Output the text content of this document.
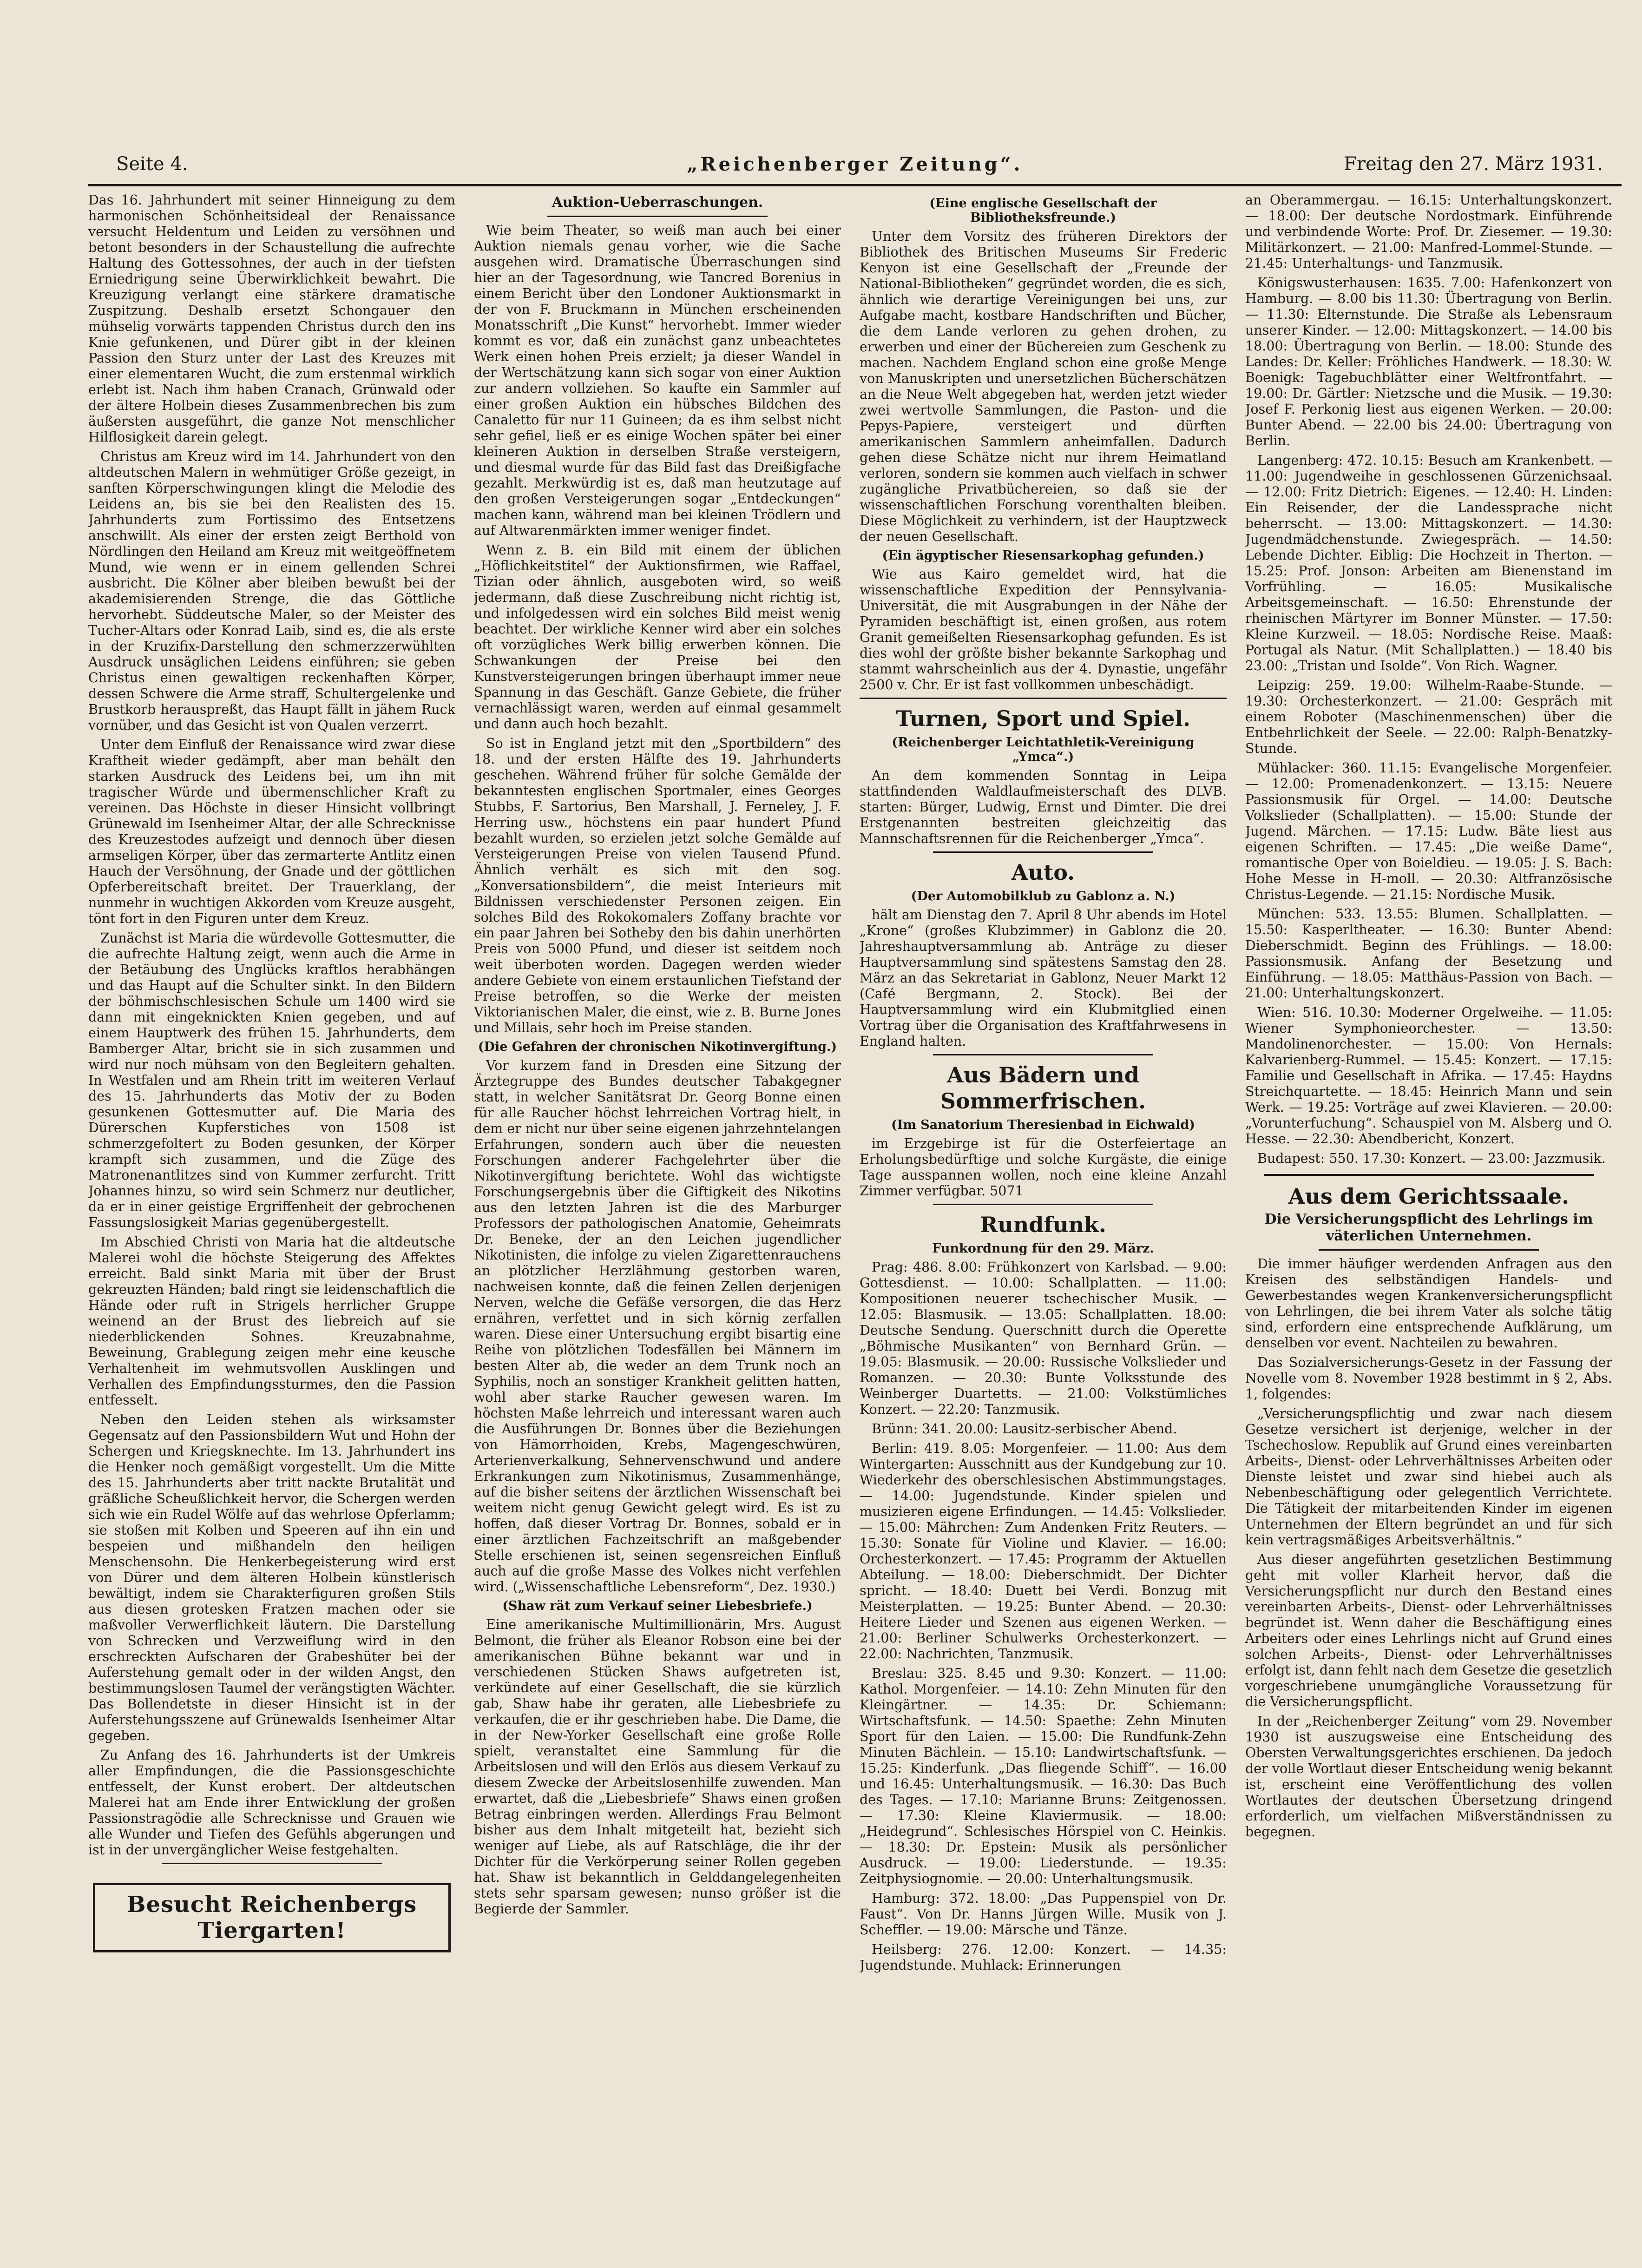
Seite 4.	„Reichenberger Zeitung“.	Freitag den 27. März 1931.

Das 16. Jahrhundert mit seiner Hinneigung zu dem harmonischen Schönheitsideal der Renaissance versucht Heldentum und Leiden zu versöhnen und betont besonders in der Schaustellung die aufrechte Haltung des Gottessohnes, der auch in der tiefsten Erniedrigung seine Überwirklichkeit bewahrt. Die Kreuzigung verlangt eine stärkere dramatische Zuspitzung. Deshalb ersetzt Schongauer den mühselig vorwärts tappenden Christus durch den ins Knie gefunkenen, und Dürer gibt in der kleinen Passion den Sturz unter der Last des Kreuzes mit einer elementaren Wucht, die zum erstenmal wirklich erlebt ist. Nach ihm haben Cranach, Grünwald oder der ältere Holbein dieses Zusammenbrechen bis zum äußersten ausgeführt, die ganze Not menschlicher Hilflosigkeit darein gelegt.

Christus am Kreuz wird im 14. Jahrhundert von den altdeutschen Malern in wehmütiger Größe gezeigt, in sanften Körperschwingungen klingt die Melodie des Leidens an, bis sie bei den Realisten des 15. Jahrhunderts zum Fortissimo des Entsetzens anschwillt. Als einer der ersten zeigt Berthold von Nördlingen den Heiland am Kreuz mit weitgeöffnetem Mund, wie wenn er in einem gellenden Schrei ausbricht. Die Kölner aber bleiben bewußt bei der akademisierenden Strenge, die das Göttliche hervorhebt. Süddeutsche Maler, so der Meister des Tucher-Altars oder Konrad Laib, sind es, die als erste in der Kruzifix-Darstellung den schmerzzerwühlten Ausdruck unsäglichen Leidens einführen; sie geben Christus einen gewaltigen reckenhaften Körper, dessen Schwere die Arme straff, Schultergelenke und Brustkorb herauspreßt, das Haupt fällt in jähem Ruck vornüber, und das Gesicht ist von Qualen verzerrt.

Unter dem Einfluß der Renaissance wird zwar diese Kraftheit wieder gedämpft, aber man behält den starken Ausdruck des Leidens bei, um ihn mit tragischer Würde und übermenschlicher Kraft zu vereinen. Das Höchste in dieser Hinsicht vollbringt Grünewald im Isenheimer Altar, der alle Schrecknisse des Kreuzestodes aufzeigt und dennoch über diesen armseligen Körper, über das zermarterte Antlitz einen Hauch der Versöhnung, der Gnade und der göttlichen Opferbereitschaft breitet. Der Trauerklang, der nunmehr in wuchtigen Akkorden vom Kreuze ausgeht, tönt fort in den Figuren unter dem Kreuz.

Zunächst ist Maria die würdevolle Gottesmutter, die die aufrechte Haltung zeigt, wenn auch die Arme in der Betäubung des Unglücks kraftlos herabhängen und das Haupt auf die Schulter sinkt. In den Bildern der böhmischschlesischen Schule um 1400 wird sie dann mit eingeknickten Knien gegeben, und auf einem Hauptwerk des frühen 15. Jahrhunderts, dem Bamberger Altar, bricht sie in sich zusammen und wird nur noch mühsam von den Begleitern gehalten. In Westfalen und am Rhein tritt im weiteren Verlauf des 15. Jahrhunderts das Motiv der zu Boden gesunkenen Gottesmutter auf. Die Maria des Dürerschen Kupferstiches von 1508 ist schmerzgefoltert zu Boden gesunken, der Körper krampft sich zusammen, und die Züge des Matronenantlitzes sind von Kummer zerfurcht. Tritt Johannes hinzu, so wird sein Schmerz nur deutlicher, da er in einer geistige Ergriffenheit der gebrochenen Fassungslosigkeit Marias gegenübergestellt.

Im Abschied Christi von Maria hat die altdeutsche Malerei wohl die höchste Steigerung des Affektes erreicht. Bald sinkt Maria mit über der Brust gekreuzten Händen; bald ringt sie leidenschaftlich die Hände oder ruft in Strigels herrlicher Gruppe weinend an der Brust des liebreich auf sie niederblickenden Sohnes. Kreuzabnahme, Beweinung, Grablegung zeigen mehr eine keusche Verhaltenheit im wehmutsvollen Ausklingen und Verhallen des Empfindungssturmes, den die Passion entfesselt.

Neben den Leiden stehen als wirksamster Gegensatz auf den Passionsbildern Wut und Hohn der Schergen und Kriegsknechte. Im 13. Jahrhundert ins die Henker noch gemäßigt vorgestellt. Um die Mitte des 15. Jahrhunderts aber tritt nackte Brutalität und gräßliche Scheußlichkeit hervor, die Schergen werden sich wie ein Rudel Wölfe auf das wehrlose Opferlamm; sie stoßen mit Kolben und Speeren auf ihn ein und bespeien und mißhandeln den heiligen Menschensohn. Die Henkerbegeisterung wird erst von Dürer und dem älteren Holbein künstlerisch bewältigt, indem sie Charakterfiguren großen Stils aus diesen grotesken Fratzen machen oder sie maßvoller Verwerflichkeit läutern. Die Darstellung von Schrecken und Verzweiflung wird in den erschreckten Aufscharen der Grabeshüter bei der Auferstehung gemalt oder in der wilden Angst, den bestimmungslosen Taumel der verängstigten Wächter. Das Bollendetste in dieser Hinsicht ist in der Auferstehungsszene auf Grünewalds Isenheimer Altar gegeben.

Zu Anfang des 16. Jahrhunderts ist der Umkreis aller Empfindungen, die die Passionsgeschichte entfesselt, der Kunst erobert. Der altdeutschen Malerei hat am Ende ihrer Entwicklung der großen Passionstragödie alle Schrecknisse und Grauen wie alle Wunder und Tiefen des Gefühls abgerungen und ist in der unvergänglicher Weise festgehalten.

Besucht Reichenbergs Tiergarten!
Auktion-Ueberraschungen.

Wie beim Theater, so weiß man auch bei einer Auktion niemals genau vorher, wie die Sache ausgehen wird. Dramatische Überraschungen sind hier an der Tagesordnung, wie Tancred Borenius in einem Bericht über den Londoner Auktionsmarkt in der von F. Bruckmann in München erscheinenden Monatsschrift „Die Kunst“ hervorhebt. Immer wieder kommt es vor, daß ein zunächst ganz unbeachtetes Werk einen hohen Preis erzielt; ja dieser Wandel in der Wertschätzung kann sich sogar von einer Auktion zur andern vollziehen. So kaufte ein Sammler auf einer großen Auktion ein hübsches Bildchen des Canaletto für nur 11 Guineen; da es ihm selbst nicht sehr gefiel, ließ er es einige Wochen später bei einer kleineren Auktion in derselben Straße versteigern, und diesmal wurde für das Bild fast das Dreißigfache gezahlt. Merkwürdig ist es, daß man heutzutage auf den großen Versteigerungen sogar „Entdeckungen“ machen kann, während man bei kleinen Trödlern und auf Altwarenmärkten immer weniger findet.

Wenn z. B. ein Bild mit einem der üblichen „Höflichkeitstitel“ der Auktionsfirmen, wie Raffael, Tizian oder ähnlich, ausgeboten wird, so weiß jedermann, daß diese Zuschreibung nicht richtig ist, und infolgedessen wird ein solches Bild meist wenig beachtet. Der wirkliche Kenner wird aber ein solches oft vorzügliches Werk billig erwerben können. Die Schwankungen der Preise bei den Kunstversteigerungen bringen überhaupt immer neue Spannung in das Geschäft. Ganze Gebiete, die früher vernachlässigt waren, werden auf einmal gesammelt und dann auch hoch bezahlt.

So ist in England jetzt mit den „Sportbildern“ des 18. und der ersten Hälfte des 19. Jahrhunderts geschehen. Während früher für solche Gemälde der bekanntesten englischen Sportmaler, eines Georges Stubbs, F. Sartorius, Ben Marshall, J. Ferneley, J. F. Herring usw., höchstens ein paar hundert Pfund bezahlt wurden, so erzielen jetzt solche Gemälde auf Versteigerungen Preise von vielen Tausend Pfund. Ähnlich verhält es sich mit den sog. „Konversationsbildern“, die meist Interieurs mit Bildnissen verschiedenster Personen zeigen. Ein solches Bild des Rokokomalers Zoffany brachte vor ein paar Jahren bei Sotheby den bis dahin unerhörten Preis von 5000 Pfund, und dieser ist seitdem noch weit überboten worden. Dagegen werden wieder andere Gebiete von einem erstaunlichen Tiefstand der Preise betroffen, so die Werke der meisten Viktorianischen Maler, die einst, wie z. B. Burne Jones und Millais, sehr hoch im Preise standen.

(Die Gefahren der chronischen Nikotinvergiftung.)

Vor kurzem fand in Dresden eine Sitzung der Ärztegruppe des Bundes deutscher Tabakgegner statt, in welcher Sanitätsrat Dr. Georg Bonne einen für alle Raucher höchst lehrreichen Vortrag hielt, in dem er nicht nur über seine eigenen jahrzehntelangen Erfahrungen, sondern auch über die neuesten Forschungen anderer Fachgelehrter über die Nikotinvergiftung berichtete. Wohl das wichtigste Forschungsergebnis über die Giftigkeit des Nikotins aus den letzten Jahren ist die des Marburger Professors der pathologischen Anatomie, Geheimrats Dr. Beneke, der an den Leichen jugendlicher Nikotinisten, die infolge zu vielen Zigarettenrauchens an plötzlicher Herzlähmung gestorben waren, nachweisen konnte, daß die feinen Zellen derjenigen Nerven, welche die Gefäße versorgen, die das Herz ernähren, verfettet und in sich körnig zerfallen waren. Diese einer Untersuchung ergibt bisartig eine Reihe von plötzlichen Todesfällen bei Männern im besten Alter ab, die weder an dem Trunk noch an Syphilis, noch an sonstiger Krankheit gelitten hatten, wohl aber starke Raucher gewesen waren. Im höchsten Maße lehrreich und interessant waren auch die Ausführungen Dr. Bonnes über die Beziehungen von Hämorrhoiden, Krebs, Magengeschwüren, Arterienverkalkung, Sehnervenschwund und andere Erkrankungen zum Nikotinismus, Zusammenhänge, auf die bisher seitens der ärztlichen Wissenschaft bei weitem nicht genug Gewicht gelegt wird. Es ist zu hoffen, daß dieser Vortrag Dr. Bonnes, sobald er in einer ärztlichen Fachzeitschrift an maßgebender Stelle erschienen ist, seinen segensreichen Einfluß auch auf die große Masse des Volkes nicht verfehlen wird. („Wissenschaftliche Lebensreform“, Dez. 1930.)

(Shaw rät zum Verkauf seiner Liebesbriefe.)

Eine amerikanische Multimillionärin, Mrs. August Belmont, die früher als Eleanor Robson eine bei der amerikanischen Bühne bekannt war und in verschiedenen Stücken Shaws aufgetreten ist, verkündete auf einer Gesellschaft, die sie kürzlich gab, Shaw habe ihr geraten, alle Liebesbriefe zu verkaufen, die er ihr geschrieben habe. Die Dame, die in der New-Yorker Gesellschaft eine große Rolle spielt, veranstaltet eine Sammlung für die Arbeitslosen und will den Erlös aus diesem Verkauf zu diesem Zwecke der Arbeitslosenhilfe zuwenden. Man erwartet, daß die „Liebesbriefe“ Shaws einen großen Betrag einbringen werden. Allerdings Frau Belmont bisher aus dem Inhalt mitgeteilt hat, bezieht sich weniger auf Liebe, als auf Ratschläge, die ihr der Dichter für die Verkörperung seiner Rollen gegeben hat. Shaw ist bekanntlich in Gelddangelegenheiten stets sehr sparsam gewesen; nunso größer ist die Begierde der Sammler.

(Eine englische Gesellschaft der Bibliotheksfreunde.)

Unter dem Vorsitz des früheren Direktors der Bibliothek des Britischen Museums Sir Frederic Kenyon ist eine Gesellschaft der „Freunde der National-Bibliotheken“ gegründet worden, die es sich, ähnlich wie derartige Vereinigungen bei uns, zur Aufgabe macht, kostbare Handschriften und Bücher, die dem Lande verloren zu gehen drohen, zu erwerben und einer der Büchereien zum Geschenk zu machen. Nachdem England schon eine große Menge von Manuskripten und unersetzlichen Bücherschätzen an die Neue Welt abgegeben hat, werden jetzt wieder zwei wertvolle Sammlungen, die Paston- und die Pepys-Papiere, versteigert und dürften amerikanischen Sammlern anheimfallen. Dadurch gehen diese Schätze nicht nur ihrem Heimatland verloren, sondern sie kommen auch vielfach in schwer zugängliche Privatbüchereien, so daß sie der wissenschaftlichen Forschung vorenthalten bleiben. Diese Möglichkeit zu verhindern, ist der Hauptzweck der neuen Gesellschaft.

(Ein ägyptischer Riesensarkophag gefunden.)

Wie aus Kairo gemeldet wird, hat die wissenschaftliche Expedition der Pennsylvania-Universität, die mit Ausgrabungen in der Nähe der Pyramiden beschäftigt ist, einen großen, aus rotem Granit gemeißelten Riesensarkophag gefunden. Es ist dies wohl der größte bisher bekannte Sarkophag und stammt wahrscheinlich aus der 4. Dynastie, ungefähr 2500 v. Chr. Er ist fast vollkommen unbeschädigt.

Turnen, Sport und Spiel.
(Reichenberger Leichtathletik-Vereinigung „Ymca“.)

An dem kommenden Sonntag in Leipa stattfindenden Waldlaufmeisterschaft des DLVB. starten: Bürger, Ludwig, Ernst und Dimter. Die drei Erstgenannten bestreiten gleichzeitig das Mannschaftsrennen für die Reichenberger „Ymca“.

Auto.
(Der Automobilklub zu Gablonz a. N.)

hält am Dienstag den 7. April 8 Uhr abends im Hotel „Krone“ (großes Klubzimmer) in Gablonz die 20. Jahreshauptversammlung ab. Anträge zu dieser Hauptversammlung sind spätestens Samstag den 28. März an das Sekretariat in Gablonz, Neuer Markt 12 (Café Bergmann, 2. Stock). Bei der Hauptversammlung wird ein Klubmitglied einen Vortrag über die Organisation des Kraftfahrwesens in England halten.

Aus Bädern und Sommerfrischen.
(Im Sanatorium Theresienbad in Eichwald)

im Erzgebirge ist für die Osterfeiertage an Erholungsbedürftige und solche Kurgäste, die einige Tage ausspannen wollen, noch eine kleine Anzahl Zimmer verfügbar. 5071

Rundfunk.
Funkordnung für den 29. März.

Prag: 486. 8.00: Frühkonzert von Karlsbad. — 9.00: Gottesdienst. — 10.00: Schallplatten. — 11.00: Kompositionen neuerer tschechischer Musik. — 12.05: Blasmusik. — 13.05: Schallplatten. 18.00: Deutsche Sendung. Querschnitt durch die Operette „Böhmische Musikanten“ von Bernhard Grün. — 19.05: Blasmusik. — 20.00: Russische Volkslieder und Romanzen. — 20.30: Bunte Volksstunde des Weinberger Duartetts. — 21.00: Volkstümliches Konzert. — 22.20: Tanzmusik.

Brünn: 341. 20.00: Lausitz-serbischer Abend.

Berlin: 419. 8.05: Morgenfeier. — 11.00: Aus dem Wintergarten: Ausschnitt aus der Kundgebung zur 10. Wiederkehr des oberschlesischen Abstimmungstages. — 14.00: Jugendstunde. Kinder spielen und musizieren eigene Erfindungen. — 14.45: Volkslieder. — 15.00: Mährchen: Zum Andenken Fritz Reuters. — 15.30: Sonate für Violine und Klavier. — 16.00: Orchesterkonzert. — 17.45: Programm der Aktuellen Abteilung. — 18.00: Dieberschmidt. Der Dichter spricht. — 18.40: Duett bei Verdi. Bonzug mit Meisterplatten. — 19.25: Bunter Abend. — 20.30: Heitere Lieder und Szenen aus eigenen Werken. — 21.00: Berliner Schulwerks Orchesterkonzert. — 22.00: Nachrichten, Tanzmusik.

Breslau: 325. 8.45 und 9.30: Konzert. — 11.00: Kathol. Morgenfeier. — 14.10: Zehn Minuten für den Kleingärtner. — 14.35: Dr. Schiemann: Wirtschaftsfunk. — 14.50: Spaethe: Zehn Minuten Sport für den Laien. — 15.00: Die Rundfunk-Zehn Minuten Bächlein. — 15.10: Landwirtschaftsfunk. — 15.25: Kinderfunk. „Das fliegende Schiff“. — 16.00 und 16.45: Unterhaltungsmusik. — 16.30: Das Buch des Tages. — 17.10: Marianne Bruns: Zeitgenossen. — 17.30: Kleine Klaviermusik. — 18.00: „Heidegrund“. Schlesisches Hörspiel von C. Heinkis. — 18.30: Dr. Epstein: Musik als persönlicher Ausdruck. — 19.00: Liederstunde. — 19.35: Zeitphysiognomie. — 20.00: Unterhaltungsmusik.

Hamburg: 372. 18.00: „Das Puppenspiel von Dr. Faust“. Von Dr. Hanns Jürgen Wille. Musik von J. Scheffler. — 19.00: Märsche und Tänze.

Heilsberg: 276. 12.00: Konzert. — 14.35: Jugendstunde. Muhlack: Erinnerungen

an Oberammergau. — 16.15: Unterhaltungskonzert. — 18.00: Der deutsche Nordostmark. Einführende und verbindende Worte: Prof. Dr. Ziesemer. — 19.30: Militärkonzert. — 21.00: Manfred-Lommel-Stunde. — 21.45: Unterhaltungs- und Tanzmusik.

Königswusterhausen: 1635. 7.00: Hafenkonzert von Hamburg. — 8.00 bis 11.30: Übertragung von Berlin. — 11.30: Elternstunde. Die Straße als Lebensraum unserer Kinder. — 12.00: Mittagskonzert. — 14.00 bis 18.00: Übertragung von Berlin. — 18.00: Stunde des Landes: Dr. Keller: Fröhliches Handwerk. — 18.30: W. Boenigk: Tagebuchblätter einer Weltfrontfahrt. — 19.00: Dr. Gärtler: Nietzsche und die Musik. — 19.30: Josef F. Perkonig liest aus eigenen Werken. — 20.00: Bunter Abend. — 22.00 bis 24.00: Übertragung von Berlin.

Langenberg: 472. 10.15: Besuch am Krankenbett. — 11.00: Jugendweihe in geschlossenen Gürzenichsaal. — 12.00: Fritz Dietrich: Eigenes. — 12.40: H. Linden: Ein Reisender, der die Landessprache nicht beherrscht. — 13.00: Mittagskonzert. — 14.30: Jugendmädchenstunde. Zwiegespräch. — 14.50: Lebende Dichter. Eiblig: Die Hochzeit in Therton. — 15.25: Prof. Jonson: Arbeiten am Bienenstand im Vorfrühling. — 16.05: Musikalische Arbeitsgemeinschaft. — 16.50: Ehrenstunde der rheinischen Märtyrer im Bonner Münster. — 17.50: Kleine Kurzweil. — 18.05: Nordische Reise. Maaß: Portugal als Natur. (Mit Schallplatten.) — 18.40 bis 23.00: „Tristan und Isolde“. Von Rich. Wagner.

Leipzig: 259. 19.00: Wilhelm-Raabe-Stunde. — 19.30: Orchesterkonzert. — 21.00: Gespräch mit einem Roboter (Maschinenmenschen) über die Entbehrlichkeit der Seele. — 22.00: Ralph-Benatzky-Stunde.

Mühlacker: 360. 11.15: Evangelische Morgenfeier. — 12.00: Promenadenkonzert. — 13.15: Neuere Passionsmusik für Orgel. — 14.00: Deutsche Volkslieder (Schallplatten). — 15.00: Stunde der Jugend. Märchen. — 17.15: Ludw. Bäte liest aus eigenen Schriften. — 17.45: „Die weiße Dame“, romantische Oper von Boieldieu. — 19.05: J. S. Bach: Hohe Messe in H-moll. — 20.30: Altfranzösische Christus-Legende. — 21.15: Nordische Musik.

München: 533. 13.55: Blumen. Schallplatten. — 15.50: Kasperltheater. — 16.30: Bunter Abend: Dieberschmidt. Beginn des Frühlings. — 18.00: Passionsmusik. Anfang der Besetzung und Einführung. — 18.05: Matthäus-Passion von Bach. — 21.00: Unterhaltungskonzert.

Wien: 516. 10.30: Moderner Orgelweihe. — 11.05: Wiener Symphonieorchester. — 13.50: Mandolinenorchester. — 15.00: Von Hernals: Kalvarienberg-Rummel. — 15.45: Konzert. — 17.15: Familie und Gesellschaft in Afrika. — 17.45: Haydns Streichquartette. — 18.45: Heinrich Mann und sein Werk. — 19.25: Vorträge auf zwei Klavieren. — 20.00: „Vorunterfuchung“. Schauspiel von M. Alsberg und O. Hesse. — 22.30: Abendbericht, Konzert.

Budapest: 550. 17.30: Konzert. — 23.00: Jazzmusik.

Aus dem Gerichtssaale.
Die Versicherungspflicht des Lehrlings im väterlichen Unternehmen.

Die immer häufiger werdenden Anfragen aus den Kreisen des selbständigen Handels- und Gewerbestandes wegen Krankenversicherungspflicht von Lehrlingen, die bei ihrem Vater als solche tätig sind, erfordern eine entsprechende Aufklärung, um denselben vor event. Nachteilen zu bewahren.

Das Sozialversicherungs-Gesetz in der Fassung der Novelle vom 8. November 1928 bestimmt in § 2, Abs. 1, folgendes:

„Versicherungspflichtig und zwar nach diesem Gesetze versichert ist derjenige, welcher in der Tschechoslow. Republik auf Grund eines vereinbarten Arbeits-, Dienst- oder Lehrverhältnisses Arbeiten oder Dienste leistet und zwar sind hiebei auch als Nebenbeschäftigung oder gelegentlich Verrichtete. Die Tätigkeit der mitarbeitenden Kinder im eigenen Unternehmen der Eltern begründet an und für sich kein vertragsmäßiges Arbeitsverhältnis.“

Aus dieser angeführten gesetzlichen Bestimmung geht mit voller Klarheit hervor, daß die Versicherungspflicht nur durch den Bestand eines vereinbarten Arbeits-, Dienst- oder Lehrverhältnisses begründet ist. Wenn daher die Beschäftigung eines Arbeiters oder eines Lehrlings nicht auf Grund eines solchen Arbeits-, Dienst- oder Lehrverhältnisses erfolgt ist, dann fehlt nach dem Gesetze die gesetzlich vorgeschriebene unumgängliche Voraussetzung für die Versicherungspflicht.

In der „Reichenberger Zeitung“ vom 29. November 1930 ist auszugsweise eine Entscheidung des Obersten Verwaltungsgerichtes erschienen. Da jedoch der volle Wortlaut dieser Entscheidung wenig bekannt ist, erscheint eine Veröffentlichung des vollen Wortlautes der deutschen Übersetzung dringend erforderlich, um vielfachen Mißverständnissen zu begegnen.
